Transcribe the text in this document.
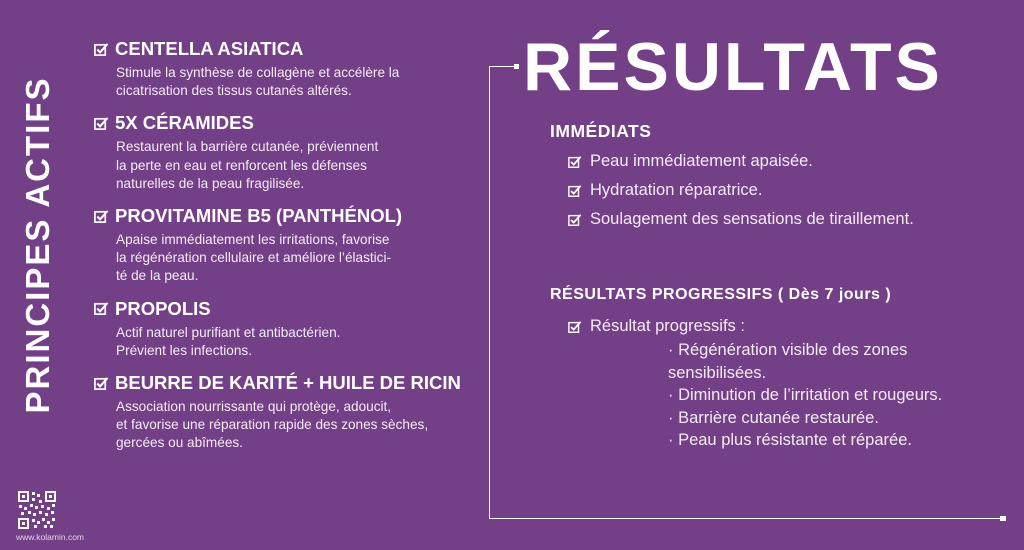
PRINCIPES ACTIFS
www.kolamin.com
CENTELLA ASIATICA
Stimule la synthèse de collagène et accélère la
cicatrisation des tissus cutanés altérés.
5X CÉRAMIDES
Restaurent la barrière cutanée, préviennent
la perte en eau et renforcent les défenses
naturelles de la peau fragilisée.
PROVITAMINE B5 (PANTHÉNOL)
Apaise immédiatement les irritations, favorise
la régénération cellulaire et améliore l’élastici-
té de la peau.
PROPOLIS
Actif naturel purifiant et antibactérien.
Prévient les infections.
BEURRE DE KARITÉ + HUILE DE RICIN
Association nourrissante qui protège, adoucit,
et favorise une réparation rapide des zones sèches,
gercées ou abîmées.
RÉSULTATS
IMMÉDIATS
Peau immédiatement apaisée.
Hydratation réparatrice.
Soulagement des sensations de tiraillement.
RÉSULTATS PROGRESSIFS ( Dès 7 jours )
Résultat progressifs :
· Régénération visible des zones
sensibilisées.
· Diminution de l’irritation et rougeurs.
· Barrière cutanée restaurée.
· Peau plus résistante et réparée.
